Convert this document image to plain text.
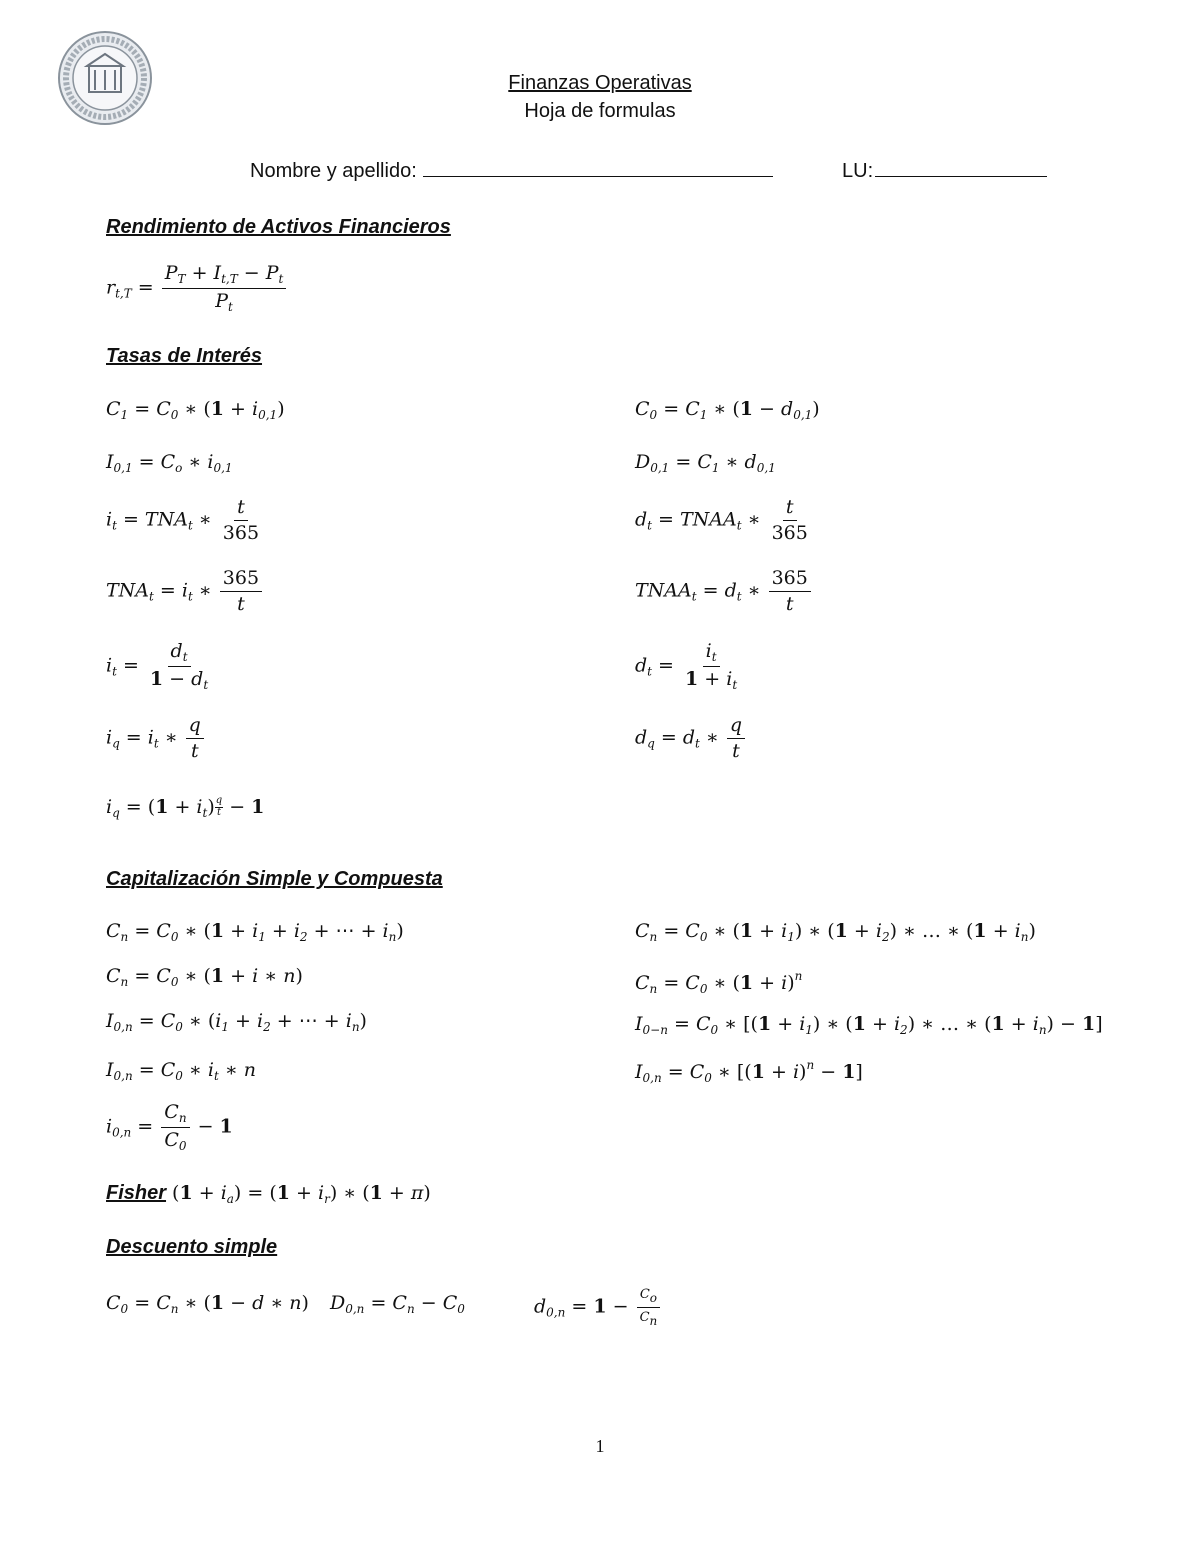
Finanzas Operativas
Hoja de formulas
Nombre y apellido:	LU:
Rendimiento de Activos Financieros
$r_{t,T} = \frac{P_T + I_{t,T} - P_t}{P_t}$
Tasas de Interés
$C_1 = C_0$ ∗ $(1 + i_{0,1})$	$C_0 = C_1$ ∗ $(1 - d_{0,1})$
$I_{0,1} = C_o$ ∗ $i_{0,1}$	$D_{0,1} = C_1$ ∗ $d_{0,1}$
$i_t = TNA_t$ ∗ $\frac{t}{365}$	$d_t$ = $TNAA_t$ ∗ $\frac{t}{365}$
$TNA_t = i_t$ ∗ $\frac{365}{t}$	$TNAA_t = d_t$ ∗ $\frac{365}{t}$
$i_t = \frac{d_t}{1 - d_t}$	$d_t = \frac{i_t}{1 + i_t}$
$i_q = i_t$ ∗ $\frac{q}{t}$	$d_q = d_t$ ∗ $\frac{q}{t}$
$i_q = (1 + i_t) \frac{q}{t} - 1$
Capitalización Simple y Compuesta
$C_n = C_0$ ∗ ($1 + i_1 + i_2$ + ⋯ + $i_n$)	$C_n = C_0$ ∗ $(1 + i_1)$ ∗ $(1 + i_2)$ ∗ … ∗ $(1 + i_n)$
$C_n = C_0$ ∗ (1 + i ∗ n)	$C_n = C_0$ ∗ $(1 + i)^n$
$I_{0,n} = C_0$ ∗ ($i_1 + i_2$ + ⋯ + $i_n$)	$I_{0-n} = C_0$ ∗ [$(1 + i_1)$ ∗ $(1 + i_2)$ ∗ … ∗ $(1 + i_n) - 1$]
$I_{0,n} = C_0$ ∗ $i_t$ ∗ n	$I_{0,n} = C_0$ ∗ $[(1 + i)^n - 1]$
$i_{0,n} = \frac{C_n}{C_0} - 1$
Fisher $(1 + i_a) = (1 + i_r)$ ∗ (1 + π)
Descuento simple
$C_0 = C_n$ ∗ (1 − d ∗ n) $D_{0,n} = C_n - C_0$	$d_{0,n} = 1 - \frac{C_o}{C_n}$
1
